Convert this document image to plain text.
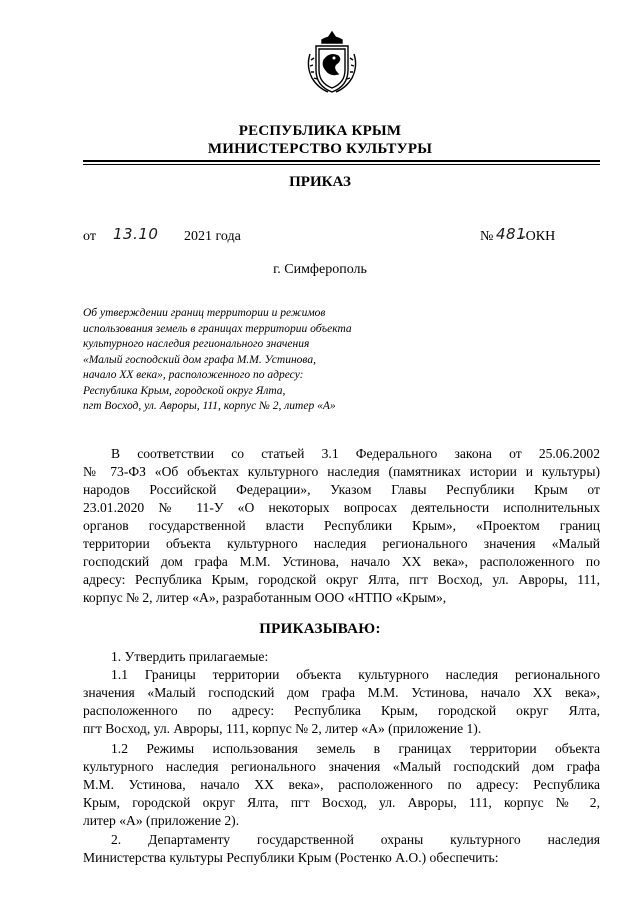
РЕСПУБЛИКА КРЫМ
МИНИСТЕРСТВО КУЛЬТУРЫ
ПРИКАЗ
от 13.10 2021 года	№ 481
-ОКН
г. Симферополь
Об утверждении границ территории и режимов
использования земель в границах территории объекта
культурного наследия регионального значения
«Малый господский дом графа М.М. Устинова,
начало XX века», расположенного по адресу:
Республика Крым, городской округ Ялта,
пгт Восход, ул. Авроры, 111, корпус № 2, литер «А»
В соответствии со статьей 3.1 Федерального закона от 25.06.2002
№ 73-ФЗ «Об объектах культурного наследия (памятниках истории и культуры)
народов Российской Федерации», Указом Главы Республики Крым от
23.01.2020 № 11-У «О некоторых вопросах деятельности исполнительных
органов государственной власти Республики Крым», «Проектом границ
территории объекта культурного наследия регионального значения «Малый
господский дом графа М.М. Устинова, начало XX века», расположенного по
адресу: Республика Крым, городской округ Ялта, пгт Восход, ул. Авроры, 111,
корпус № 2, литер «А», разработанным ООО «НТПО «Крым»,
ПРИКАЗЫВАЮ:
1. Утвердить прилагаемые:
1.1 Границы территории объекта культурного наследия регионального
значения «Малый господский дом графа М.М. Устинова, начало XX века»,
расположенного по адресу: Республика Крым, городской округ Ялта,
пгт Восход, ул. Авроры, 111, корпус № 2, литер «А» (приложение 1).
1.2 Режимы использования земель в границах территории объекта
культурного наследия регионального значения «Малый господский дом графа
М.М. Устинова, начало XX века», расположенного по адресу: Республика
Крым, городской округ Ялта, пгт Восход, ул. Авроры, 111, корпус № 2,
литер «А» (приложение 2).
2. Департаменту государственной охраны культурного наследия
Министерства культуры Республики Крым (Ростенко А.О.) обеспечить:
